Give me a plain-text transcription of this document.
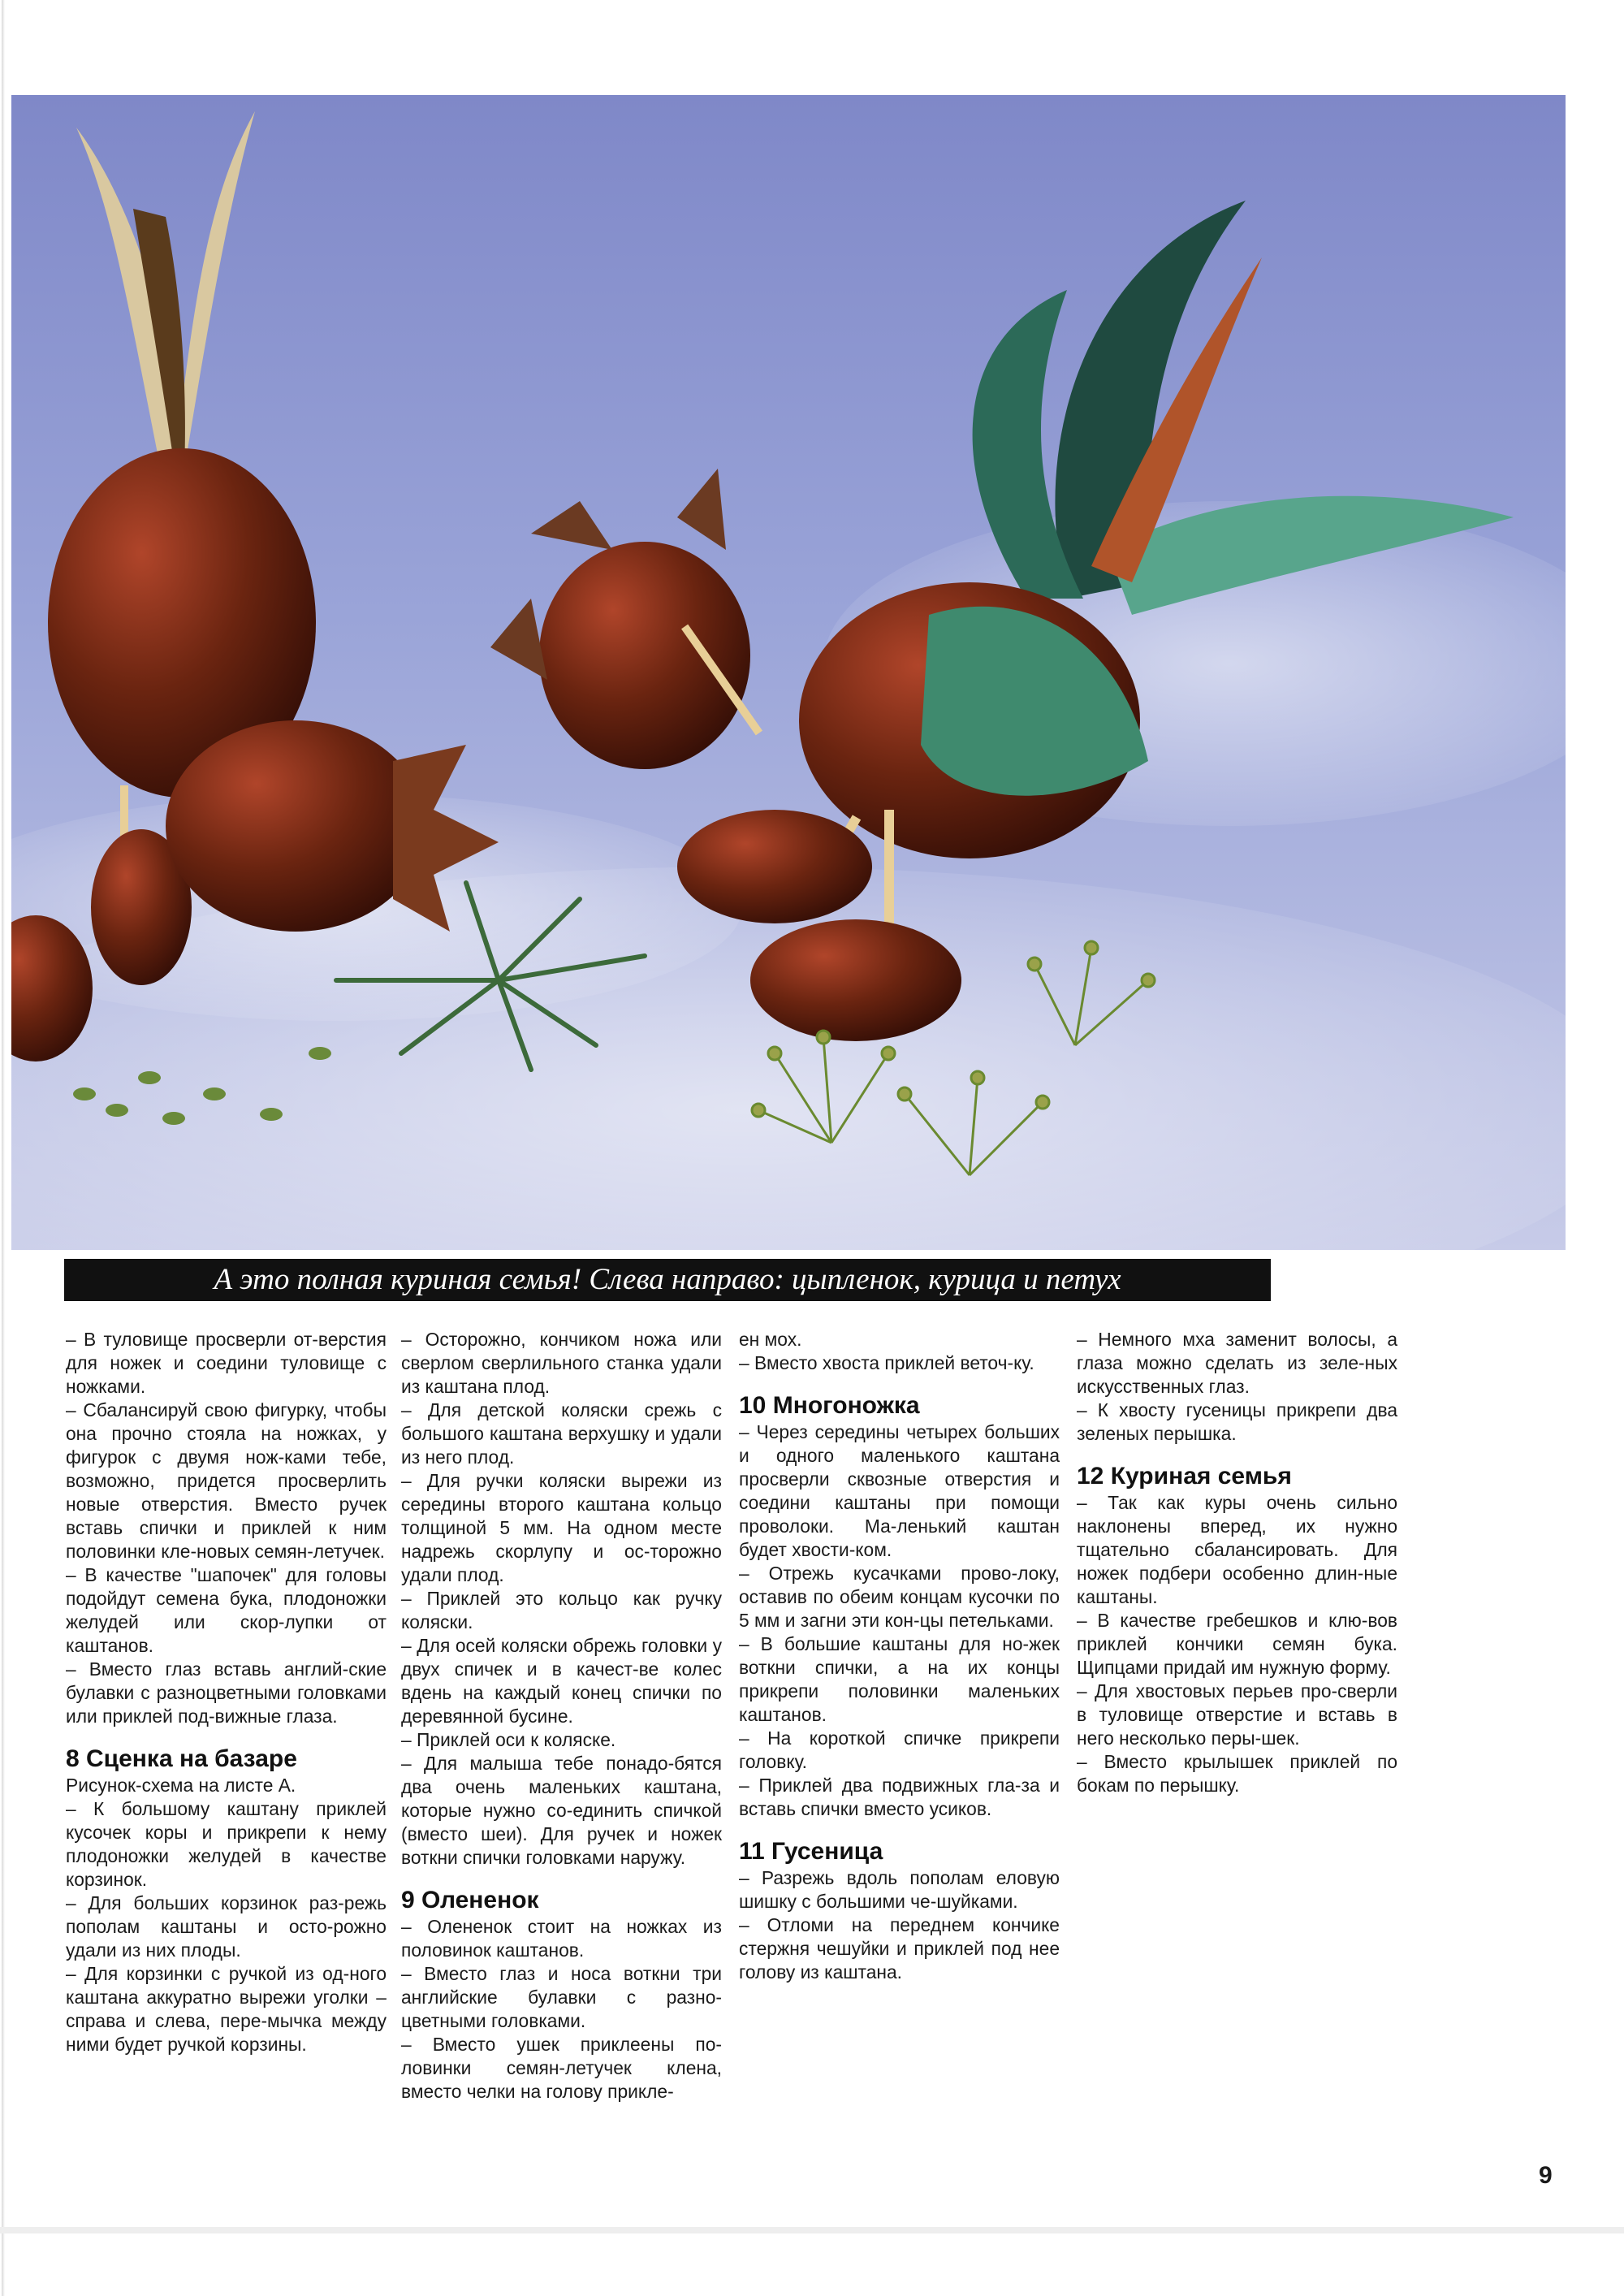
А это полная куриная семья! Слева направо: цыпленок, курица и петух

– В туловище просверли от-верстия для ножек и соедини туловище с ножками.

– Сбалансируй свою фигурку, чтобы она прочно стояла на ножках, у фигурок с двумя нож-ками тебе, возможно, придется просверлить новые отверстия. Вместо ручек вставь спички и приклей к ним половинки кле-новых семян-летучек.

– В качестве "шапочек" для головы подойдут семена бука, плодоножки желудей или скор-лупки от каштанов.

– Вместо глаз вставь англий-ские булавки с разноцветными головками или приклей под-вижные глаза.

8 Сценка на базаре

Рисунок-схема на листе А.

– К большому каштану приклей кусочек коры и прикрепи к нему плодоножки желудей в качестве корзинок.

– Для больших корзинок раз-режь пополам каштаны и осто-рожно удали из них плоды.

– Для корзинки с ручкой из од-ного каштана аккуратно вырежи уголки – справа и слева, пере-мычка между ними будет ручкой корзины.

– Осторожно, кончиком ножа или сверлом сверлильного станка удали из каштана плод.

– Для детской коляски срежь с большого каштана верхушку и удали из него плод.

– Для ручки коляски вырежи из середины второго каштана кольцо толщиной 5 мм. На одном месте надрежь скорлупу и ос-торожно удали плод.

– Приклей это кольцо как ручку коляски.

– Для осей коляски обрежь головки у двух спичек и в качест-ве колес вдень на каждый конец спички по деревянной бусине.

– Приклей оси к коляске.

– Для малыша тебе понадо-бятся два очень маленьких каштана, которые нужно со-единить спичкой (вместо шеи). Для ручек и ножек воткни спички головками наружу.

9 Олененок

– Олененок стоит на ножках из половинок каштанов.

– Вместо глаз и носа воткни три английские булавки с разно-цветными головками.

– Вместо ушек приклеены по-ловинки семян-летучек клена, вместо челки на голову прикле-

ен мох.

– Вместо хвоста приклей веточ-ку.

10 Многоножка

– Через середины четырех больших и одного маленького каштана просверли сквозные отверстия и соедини каштаны при помощи проволоки. Ма-ленький каштан будет хвости-ком.

– Отрежь кусачками прово-локу, оставив по обеим концам кусочки по 5 мм и загни эти кон-цы петельками.

– В большие каштаны для но-жек воткни спички, а на их концы прикрепи половинки маленьких каштанов.

– На короткой спичке прикрепи головку.

– Приклей два подвижных гла-за и вставь спички вместо усиков.

11 Гусеница

– Разрежь вдоль пополам еловую шишку с большими че-шуйками.

– Отломи на переднем кончике стержня чешуйки и приклей под нее голову из каштана.

– Немного мха заменит волосы, а глаза можно сделать из зеле-ных искусственных глаз.

– К хвосту гусеницы прикрепи два зеленых перышка.

12 Куриная семья

– Так как куры очень сильно наклонены вперед, их нужно тщательно сбалансировать. Для ножек подбери особенно длин-ные каштаны.

– В качестве гребешков и клю-вов приклей кончики семян бука. Щипцами придай им нужную форму.

– Для хвостовых перьев про-сверли в туловище отверстие и вставь в него несколько перы-шек.

– Вместо крылышек приклей по бокам по перышку.

9
